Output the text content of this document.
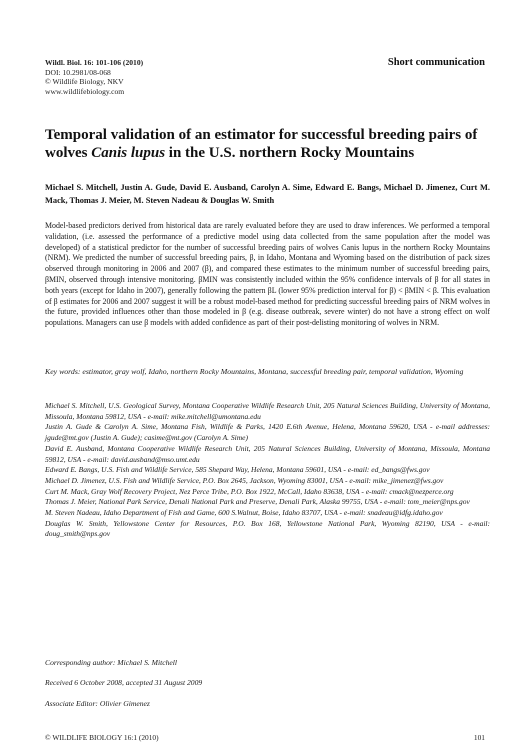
Wildl. Biol. 16: 101-106 (2010)
DOI: 10.2981/08-068
© Wildlife Biology, NKV
www.wildlifebiology.com
Short communication
Temporal validation of an estimator for successful breeding pairs of wolves Canis lupus in the U.S. northern Rocky Mountains
Michael S. Mitchell, Justin A. Gude, David E. Ausband, Carolyn A. Sime, Edward E. Bangs, Michael D. Jimenez, Curt M. Mack, Thomas J. Meier, M. Steven Nadeau & Douglas W. Smith

Model-based predictors derived from historical data are rarely evaluated before they are used to draw inferences. We performed a temporal validation, (i.e. assessed the performance of a predictive model using data collected from the same population after the model was developed) of a statistical predictor for the number of successful breeding pairs of wolves Canis lupus in the northern Rocky Mountains (NRM). We predicted the number of successful breeding pairs, β, in Idaho, Montana and Wyoming based on the distribution of pack sizes observed through monitoring in 2006 and 2007 (β), and compared these estimates to the minimum number of successful breeding pairs, βMIN, observed through intensive monitoring. βMIN was consistently included within the 95% confidence intervals of β for all states in both years (except for Idaho in 2007), generally following the pattern βL (lower 95% prediction interval for β) < βMIN < β. This evaluation of β estimates for 2006 and 2007 suggest it will be a robust model-based method for predicting successful breeding pairs of NRM wolves in the future, provided influences other than those modeled in β (e.g. disease outbreak, severe winter) do not have a strong effect on wolf populations. Managers can use β models with added confidence as part of their post-delisting monitoring of wolves in NRM.

Key words: estimator, gray wolf, Idaho, northern Rocky Mountains, Montana, successful breeding pair, temporal validation, Wyoming

Michael S. Mitchell, U.S. Geological Survey, Montana Cooperative Wildlife Research Unit, 205 Natural Sciences Building, University of Montana, Missoula, Montana 59812, USA - e-mail: mike.mitchell@umontana.edu

Justin A. Gude & Carolyn A. Sime, Montana Fish, Wildlife & Parks, 1420 E.6th Avenue, Helena, Montana 59620, USA - e-mail addresses: jgude@mt.gov (Justin A. Gude); casime@mt.gov (Carolyn A. Sime)

David E. Ausband, Montana Cooperative Wildlife Research Unit, 205 Natural Sciences Building, University of Montana, Missoula, Montana 59812, USA - e-mail: david.ausband@mso.umt.edu

Edward E. Bangs, U.S. Fish and Wildlife Service, 585 Shepard Way, Helena, Montana 59601, USA - e-mail: ed_bangs@fws.gov

Michael D. Jimenez, U.S. Fish and Wildlife Service, P.O. Box 2645, Jackson, Wyoming 83001, USA - e-mail: mike_jimenez@fws.gov

Curt M. Mack, Gray Wolf Recovery Project, Nez Perce Tribe, P.O. Box 1922, McCall, Idaho 83638, USA - e-mail: cmack@nezperce.org

Thomas J. Meier, National Park Service, Denali National Park and Preserve, Denali Park, Alaska 99755, USA - e-mail: tom_meier@nps.gov

M. Steven Nadeau, Idaho Department of Fish and Game, 600 S.Walnut, Boise, Idaho 83707, USA - e-mail: snadeau@idfg.idaho.gov

Douglas W. Smith, Yellowstone Center for Resources, P.O. Box 168, Yellowstone National Park, Wyoming 82190, USA - e-mail: doug_smith@nps.gov

Corresponding author: Michael S. Mitchell
Received 6 October 2008, accepted 31 August 2009
Associate Editor: Olivier Gimenez
© WILDLIFE BIOLOGY 16:1 (2010)	101
